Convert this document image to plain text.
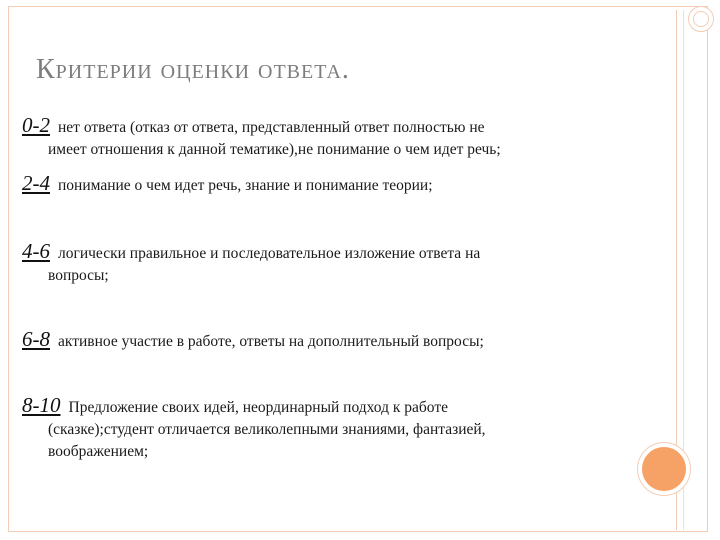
Критерии оценки ответа.
0-2 нет ответа (отказ от ответа, представленный ответ полностью не
имеет отношения к данной тематике),не понимание о чем идет речь;
2-4 понимание о чем идет речь, знание и понимание теории;
4-6 логически правильное и последовательное изложение ответа на
вопросы;
6-8 активное участие в работе, ответы на дополнительный вопросы;
8-10 Предложение своих идей, неординарный подход к работе
(сказке);студент отличается великолепными знаниями, фантазией,
воображением;
